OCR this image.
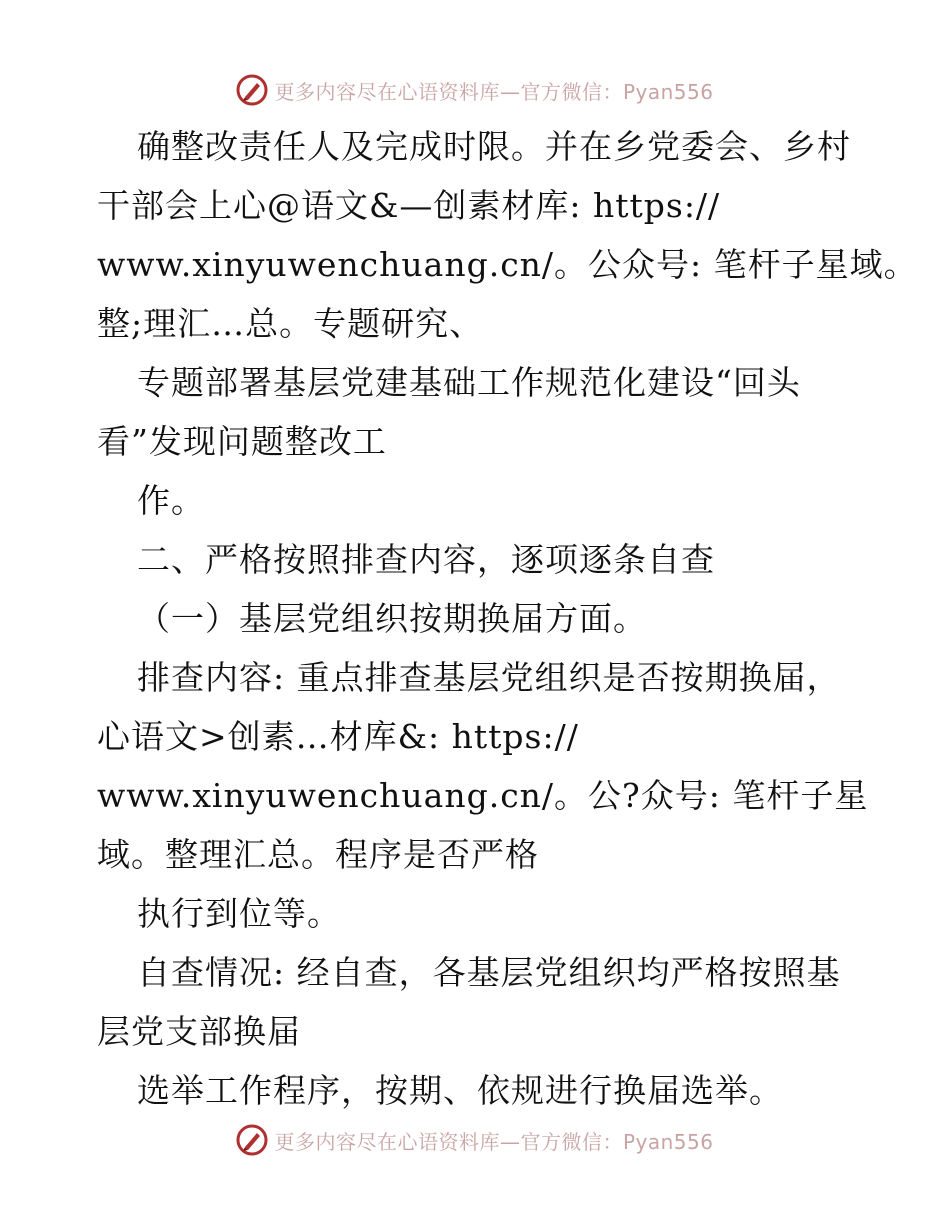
更多内容尽在心语资料库—官方微信：Pyan556
确整改责任人及完成时限。并在乡党委会、乡村
干部会上心@语文&—创素材库: https://
www.xinyuwenchuang.cn/。公众号: 笔杆子星域。
整;理汇…总。专题研究、
专题部署基层党建基础工作规范化建设“回头
看”发现问题整改工
作。
二、严格按照排查内容，逐项逐条自查
（一）基层党组织按期换届方面。
排查内容: 重点排查基层党组织是否按期换届，
心语文>创素…材库&: https://
www.xinyuwenchuang.cn/。公?众号: 笔杆子星
域。整理汇总。程序是否严格
执行到位等。
自查情况: 经自查，各基层党组织均严格按照基
层党支部换届
选举工作程序，按期、依规进行换届选举。
更多内容尽在心语资料库—官方微信：Pyan556
